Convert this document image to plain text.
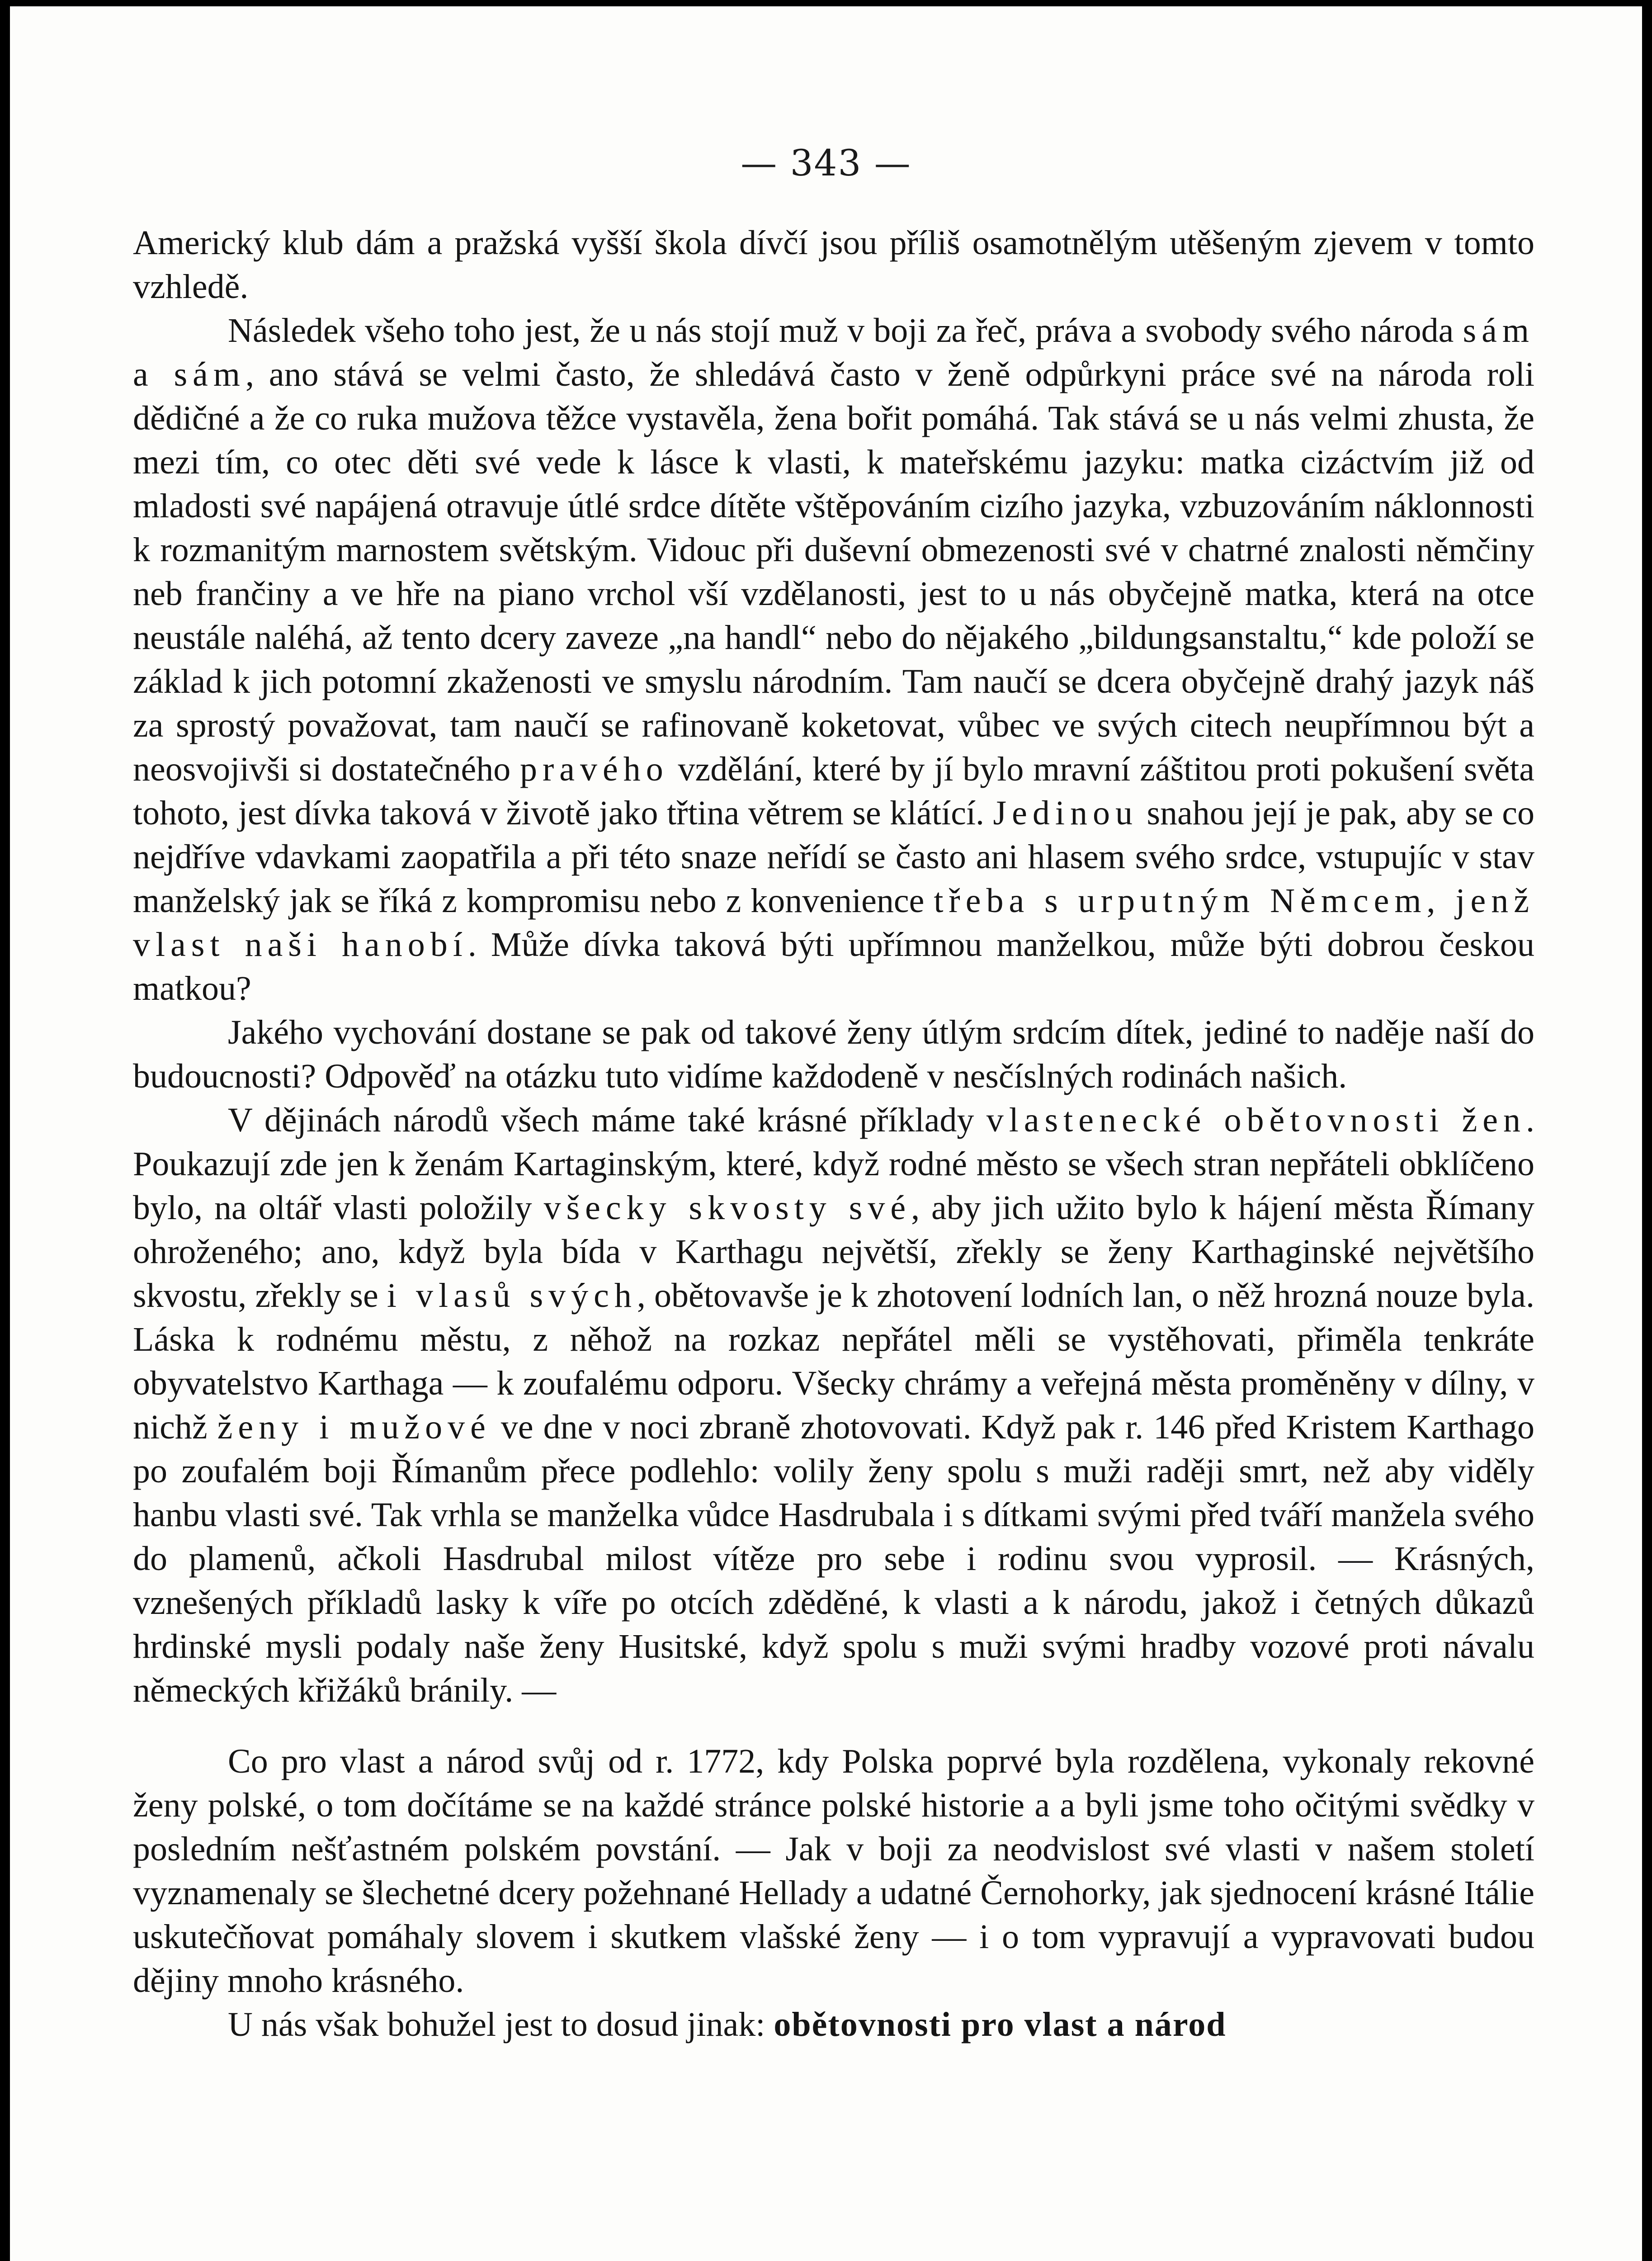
— 343 —

Americký klub dám a pražská vyšší škola dívčí jsou příliš osamotnělým utěšeným zjevem v tomto vzhledě.

Následek všeho toho jest, že u nás stojí muž v boji za řeč, práva a svobody svého národa sám a sám, ano stává se velmi často, že shledává často v ženě odpůrkyni práce své na národa roli dědičné a že co ruka mužova těžce vystavěla, žena bořit pomáhá. Tak stává se u nás velmi zhusta, že mezi tím, co otec děti své vede k lásce k vlasti, k mateřskému jazyku: matka cizáctvím již od mladosti své napájená otravuje útlé srdce dítěte vštěpováním cizího jazyka, vzbuzováním náklonnosti k rozmanitým marnostem světským. Vidouc při duševní obmezenosti své v chatrné znalosti němčiny neb frančiny a ve hře na piano vrchol vší vzdělanosti, jest to u nás obyčejně matka, která na otce neustále naléhá, až tento dcery zaveze „na handl“ nebo do nějakého „bildungsanstaltu,“ kde položí se základ k jich potomní zkaženosti ve smyslu národním. Tam naučí se dcera obyčejně drahý jazyk náš za sprostý považovat, tam naučí se rafinovaně koketovat, vůbec ve svých citech neupřímnou být a neosvojivši si dostatečného pravého vzdělání, které by jí bylo mravní záštitou proti pokušení světa tohoto, jest dívka taková v životě jako třtina větrem se klátící. Jedinou snahou její je pak, aby se co nejdříve vdavkami zaopatřila a při této snaze neřídí se často ani hlasem svého srdce, vstupujíc v stav manželský jak se říká z kompromisu nebo z konvenience třeba s urputným Němcem, jenž vlast naši hanobí. Může dívka taková býti upřímnou manželkou, může býti dobrou českou matkou?

Jakého vychování dostane se pak od takové ženy útlým srdcím dítek, jediné to naděje naší do budoucnosti? Odpověď na otázku tuto vidíme každodeně v nesčíslných rodinách našich.

V dějinách národů všech máme také krásné příklady vlastenecké obětovnosti žen. Poukazují zde jen k ženám Kartaginským, které, když rodné město se všech stran nepřáteli obklíčeno bylo, na oltář vlasti položily všecky skvosty své, aby jich užito bylo k hájení města Římany ohroženého; ano, když byla bída v Karthagu největší, zřekly se ženy Karthaginské největšího skvostu, zřekly se i vlasů svých, obětovavše je k zhotovení lodních lan, o něž hrozná nouze byla. Láska k rodnému městu, z něhož na rozkaz nepřátel měli se vystěhovati, přiměla tenkráte obyvatelstvo Karthaga — k zoufalému odporu. Všecky chrámy a veřejná města proměněny v dílny, v nichž ženy i mužové ve dne v noci zbraně zhotovovati. Když pak r. 146 před Kristem Karthago po zoufalém boji Římanům přece podlehlo: volily ženy spolu s muži raději smrt, než aby viděly hanbu vlasti své. Tak vrhla se manželka vůdce Hasdrubala i s dítkami svými před tváří manžela svého do plamenů, ačkoli Hasdrubal milost vítěze pro sebe i rodinu svou vyprosil. — Krásných, vznešených příkladů lasky k víře po otcích zděděné, k vlasti a k národu, jakož i četných důkazů hrdinské mysli podaly naše ženy Husitské, když spolu s muži svými hradby vozové proti návalu německých křižáků bránily. —

Co pro vlast a národ svůj od r. 1772, kdy Polska poprvé byla rozdělena, vykonaly rekovné ženy polské, o tom dočítáme se na každé stránce polské historie a a byli jsme toho očitými svědky v posledním nešťastném polském povstání. — Jak v boji za neodvislost své vlasti v našem století vyznamenaly se šlechetné dcery požehnané Hellady a udatné Černohorky, jak sjednocení krásné Itálie uskutečňovat pomáhaly slovem i skutkem vlašské ženy — i o tom vypravují a vypravovati budou dějiny mnoho krásného.

U nás však bohužel jest to dosud jinak: obětovnosti pro vlast a národ
